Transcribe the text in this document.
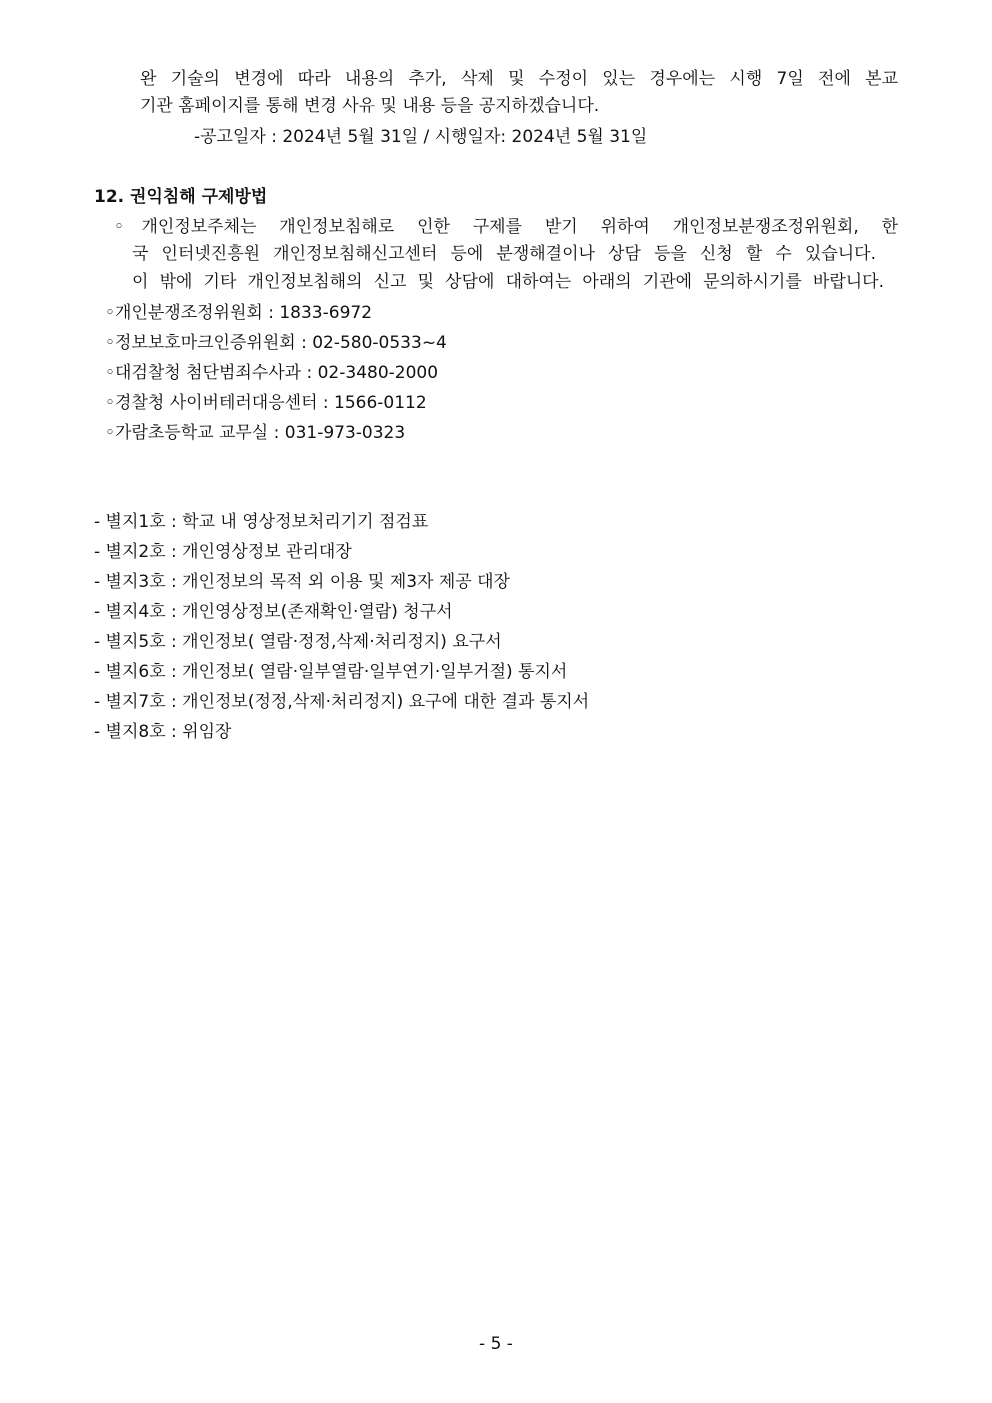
완 기술의 변경에 따라 내용의 추가, 삭제 및 수정이 있는 경우에는 시행 7일 전에 본교
기관 홈페이지를 통해 변경 사유 및 내용 등을 공지하겠습니다.
-공고일자 : 2024년 5월 31일 / 시행일자: 2024년 5월 31일
12. 권익침해 구제방법
◦개인정보주체는 개인정보침해로 인한 구제를 받기 위하여 개인정보분쟁조정위원회, 한
국 인터넷진흥원 개인정보침해신고센터 등에 분쟁해결이나 상담 등을 신청 할 수 있습니다.
이 밖에 기타 개인정보침해의 신고 및 상담에 대하여는 아래의 기관에 문의하시기를 바랍니다.
◦개인분쟁조정위원회 : 1833-6972
◦정보보호마크인증위원회 : 02-580-0533~4
◦대검찰청 첨단범죄수사과 : 02-3480-2000
◦경찰청 사이버테러대응센터 : 1566-0112
◦가람초등학교 교무실 : 031-973-0323
- 별지1호 : 학교 내 영상정보처리기기 점검표
- 별지2호 : 개인영상정보 관리대장
- 별지3호 : 개인정보의 목적 외 이용 및 제3자 제공 대장
- 별지4호 : 개인영상정보(존재확인·열람) 청구서
- 별지5호 : 개인정보( 열람·정정,삭제·처리정지) 요구서
- 별지6호 : 개인정보( 열람·일부열람·일부연기·일부거절) 통지서
- 별지7호 : 개인정보(정정,삭제·처리정지) 요구에 대한 결과 통지서
- 별지8호 : 위임장
- 5 -
